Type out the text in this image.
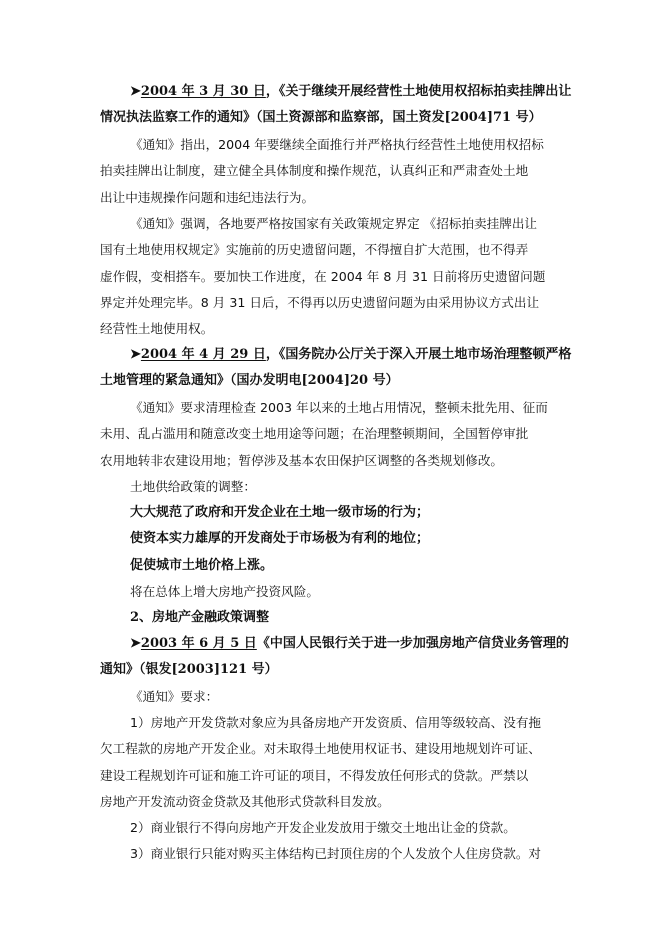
➤2004 年 3 月 30 日，《关于继续开展经营性土地使用权招标拍卖挂牌出让
情况执法监察工作的通知》（国土资源部和监察部，国土资发[2004]71 号）
《通知》指出，2004 年要继续全面推行并严格执行经营性土地使用权招标
拍卖挂牌出让制度，建立健全具体制度和操作规范，认真纠正和严肃查处土地
出让中违规操作问题和违纪违法行为。
《通知》强调，各地要严格按国家有关政策规定界定 《招标拍卖挂牌出让
国有土地使用权规定》实施前的历史遗留问题，不得擅自扩大范围，也不得弄
虚作假，变相搭车。要加快工作进度，在 2004 年 8 月 31 日前将历史遗留问题
界定并处理完毕。8 月 31 日后，不得再以历史遗留问题为由采用协议方式出让
经营性土地使用权。
➤2004 年 4 月 29 日，《国务院办公厅关于深入开展土地市场治理整顿严格
土地管理的紧急通知》（国办发明电[2004]20 号）
《通知》要求清理检查 2003 年以来的土地占用情况，整顿未批先用、征而
未用、乱占滥用和随意改变土地用途等问题；在治理整顿期间，全国暂停审批
农用地转非农建设用地；暂停涉及基本农田保护区调整的各类规划修改。
土地供给政策的调整：
大大规范了政府和开发企业在土地一级市场的行为；
使资本实力雄厚的开发商处于市场极为有利的地位；
促使城市土地价格上涨。
将在总体上增大房地产投资风险。
2、房地产金融政策调整
➤2003 年 6 月 5 日《中国人民银行关于进一步加强房地产信贷业务管理的
通知》（银发[2003]121 号）
《通知》要求：
1）房地产开发贷款对象应为具备房地产开发资质、信用等级较高、没有拖
欠工程款的房地产开发企业。对未取得土地使用权证书、建设用地规划许可证、
建设工程规划许可证和施工许可证的项目，不得发放任何形式的贷款。严禁以
房地产开发流动资金贷款及其他形式贷款科目发放。
2）商业银行不得向房地产开发企业发放用于缴交土地出让金的贷款。
3）商业银行只能对购买主体结构已封顶住房的个人发放个人住房贷款。对
